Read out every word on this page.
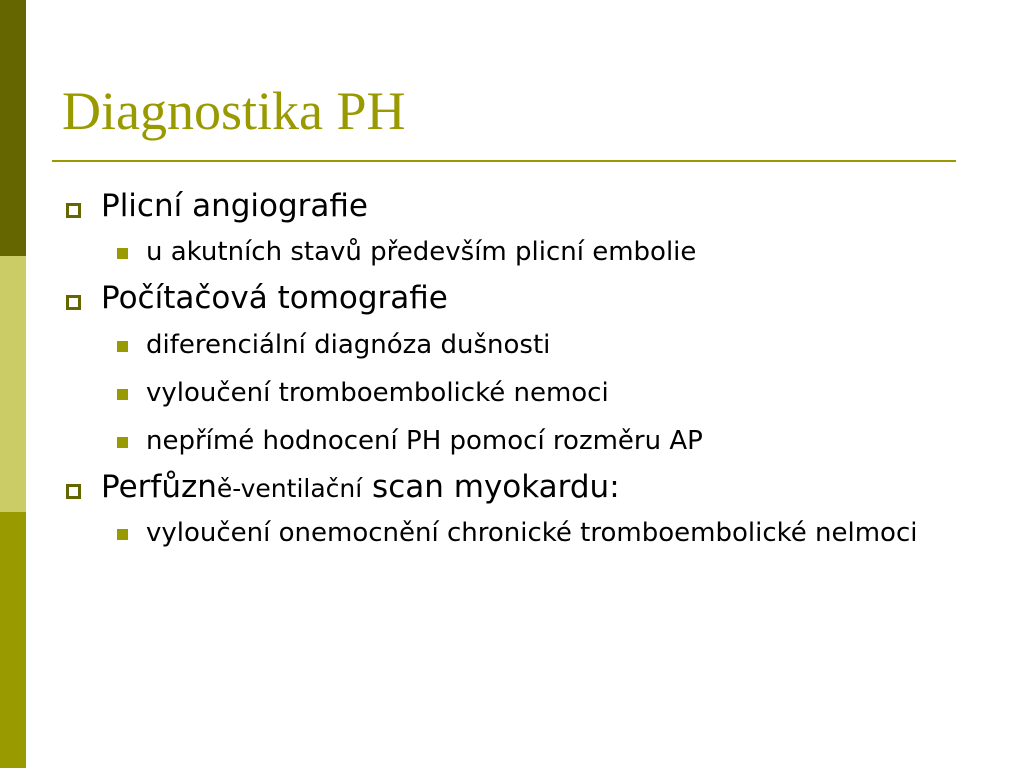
Diagnostika PH
Plicní angiografie
u akutních stavů především plicní embolie
Počítačová tomografie
diferenciální diagnóza dušnosti
vyloučení tromboembolické nemoci
nepřímé hodnocení PH pomocí rozměru AP
Perfůzně-ventilační scan myokardu:
vyloučení onemocnění chronické tromboembolické nelmoci
